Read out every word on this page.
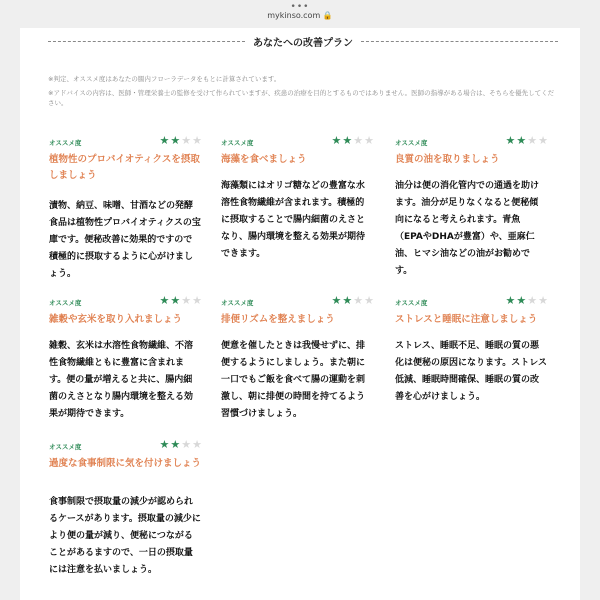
•••
mykinso.com 🔒
あなたへの改善プラン
※判定、オススメ度はあなたの腸内フローラデータをもとに計算されています。
※アドバイスの内容は、医師・管理栄養士の監修を受けて作られていますが、疾患の治療を目的とするものではありません。医師の指導がある場合は、そちらを優先してください。
オススメ度	★★★★
植物性のプロバイオティクスを摂取しましょう
漬物、納豆、味噌、甘酒などの発酵食品は植物性プロバイオティクスの宝庫です。便秘改善に効果的ですので積極的に摂取するように心がけましょう。
オススメ度	★★★★
海藻を食べましょう
海藻類にはオリゴ糖などの豊富な水溶性食物繊維が含まれます。積極的に摂取することで腸内細菌のえさとなり、腸内環境を整える効果が期待できます。
オススメ度	★★★★
良質の油を取りましょう
油分は便の消化管内での通過を助けます。油分が足りなくなると便秘傾向になると考えられます。青魚（EPAやDHAが豊富）や、亜麻仁油、ヒマシ油などの油がお勧めです。
オススメ度	★★★★
雑穀や玄米を取り入れましょう
雑穀、玄米は水溶性食物繊維、不溶性食物繊維ともに豊富に含まれます。便の量が増えると共に、腸内細菌のえさとなり腸内環境を整える効果が期待できます。
オススメ度	★★★★
排便リズムを整えましょう
便意を催したときは我慢せずに、排便するようにしましょう。また朝に一口でもご飯を食べて腸の運動を刺激し、朝に排便の時間を持てるよう習慣づけましょう。
オススメ度	★★★★
ストレスと睡眠に注意しましょう
ストレス、睡眠不足、睡眠の質の悪化は便秘の原因になります。ストレス低減、睡眠時間確保、睡眠の質の改善を心がけましょう。
オススメ度	★★★★
過度な食事制限に気を付けましょう
食事制限で摂取量の減少が認められるケースがあります。摂取量の減少により便の量が減り、便秘につながることがあるますので、一日の摂取量には注意を払いましょう。
